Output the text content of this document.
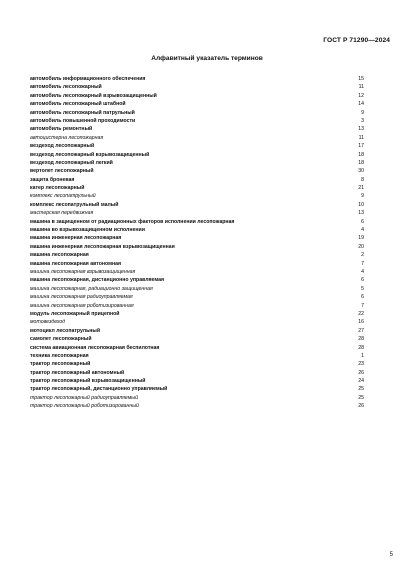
ГОСТ Р 71290—2024
Алфавитный указатель терминов
автомобиль информационного обеспечения	15
автомобиль лесопожарный	11
автомобиль лесопожарный взрывозащищенный	12
автомобиль лесопожарный штабной	14
автомобиль лесопожарный патрульный	9
автомобиль повышенной проходимости	3
автомобиль ремонтный	13
автоцистерна лесопожарная	11
вездеход лесопожарный	17
вездеход лесопожарный взрывозащищенный	18
вездеход лесопожарный легкий	18
вертолет лесопожарный	30
защита броневая	8
катер лесопожарный	21
комплекс лесопатрульный	9
комплекс лесопатрульный малый	10
мастерская передвижная	13
машина в защищенном от радиационных факторов исполнении лесопожарная	6
машина во взрывозащищенном исполнении	4
машина инженерная лесопожарная	19
машина инженерная лесопожарная взрывозащищенная	20
машина лесопожарная	2
машина лесопожарная автономная	7
машина лесопожарная взрывозащищенная	4
машина лесопожарная, дистанционно управляемая	6
машина лесопожарная, радиационно защищенная	5
машина лесопожарная радиоуправляемая	6
машина лесопожарная роботизированная	7
модуль лесопожарный прицепной	22
мотовездеход	16
мотоцикл лесопатрульный	27
самолет лесопожарный	28
система авиационная лесопожарная беспилотная	28
техника лесопожарная	1
трактор лесопожарный	23
трактор лесопожарный автономный	26
трактор лесопожарный взрывозащищенный	24
трактор лесопожарный, дистанционно управляемый	25
трактор лесопожарный радиоуправляемый	25
трактор лесопожарный роботизированный	26
5
